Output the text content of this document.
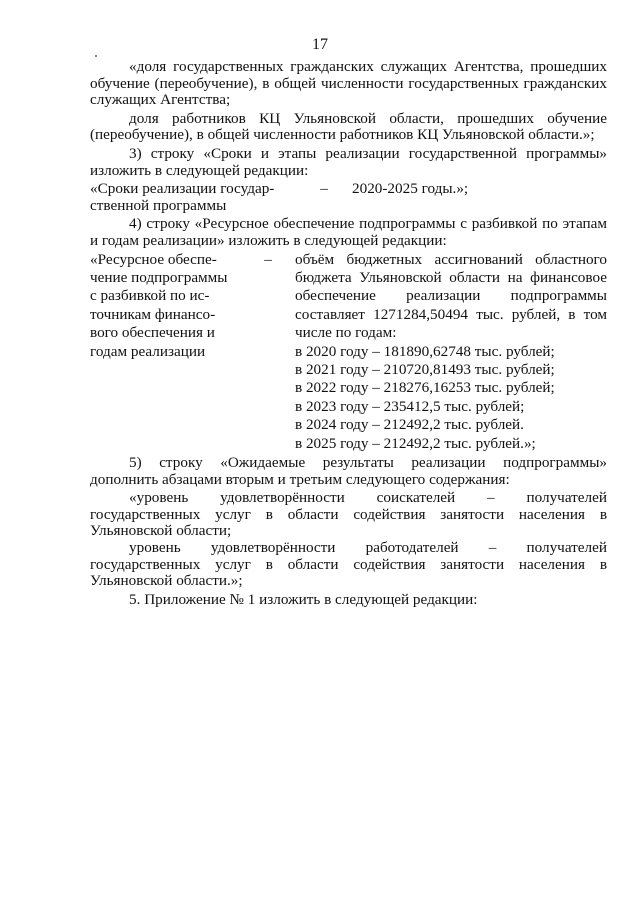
17

«доля государственных гражданских служащих Агентства, прошедших обучение (переобучение), в общей численности государственных гражданских служащих Агентства;

доля работников КЦ Ульяновской области, прошедших обучение (переобучение), в общей численности работников КЦ Ульяновской области.»;

3) строку «Сроки и этапы реализации государственной программы» изложить в следующей редакции:

«Сроки реализации государ-
ственной программы
–	2020-2025 годы.»;

4) строку «Ресурсное обеспечение подпрограммы с разбивкой по этапам и годам реализации» изложить в следующей редакции:

«Ресурсное обеспе-
чение подпрограммы
с разбивкой по ис-
точникам финансо-
вого обеспечения и
годам реализации
–	объём бюджетных ассигнований областного бюджета Ульяновской области на финансовое обеспечение реализации подпрограммы составляет 1271284,50494 тыс. рублей, в том числе по годам:
в 2020 году – 181890,62748 тыс. рублей;
в 2021 году – 210720,81493 тыс. рублей;
в 2022 году – 218276,16253 тыс. рублей;
в 2023 году – 235412,5 тыс. рублей;
в 2024 году – 212492,2 тыс. рублей.
в 2025 году – 212492,2 тыс. рублей.»;

5) строку «Ожидаемые результаты реализации подпрограммы» дополнить абзацами вторым и третьим следующего содержания:

«уровень удовлетворённости соискателей – получателей государственных услуг в области содействия занятости населения в Ульяновской области;

уровень удовлетворённости работодателей – получателей государственных услуг в области содействия занятости населения в Ульяновской области.»;

5. Приложение № 1 изложить в следующей редакции:
